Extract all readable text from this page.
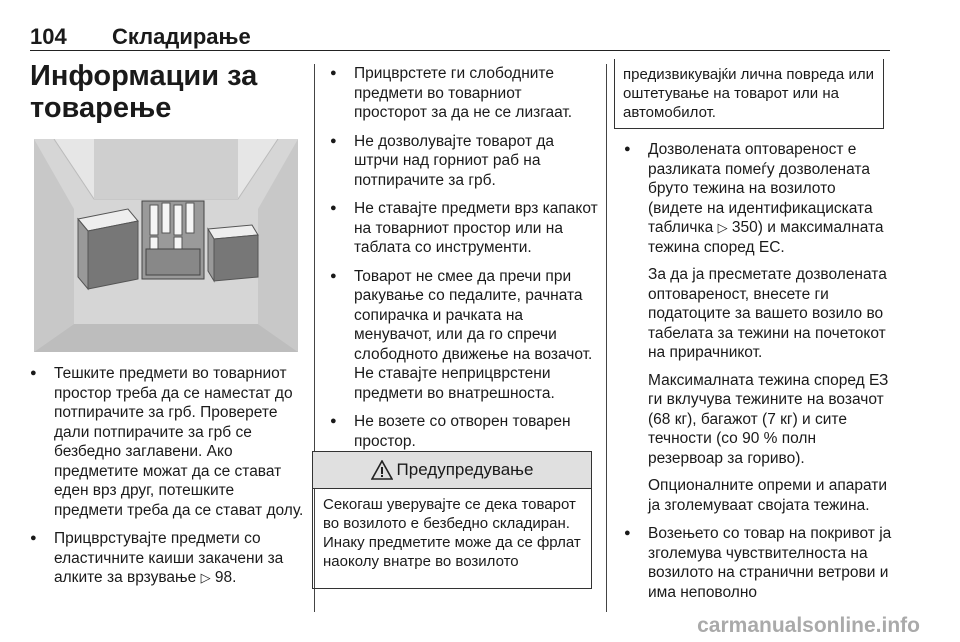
104 Складирање
Информации за товарење
● Тешките предмети во товарниот простор треба да се наместат до потпирачите за грб. Проверете дали потпирачите за грб се безбедно заглавени. Ако предметите можат да се стават еден врз друг, потешките предмети треба да се стават долу.
● Прицврстувајте предмети со еластичните каиши закачени за алките за врзување ▷ 98.
● Прицврстете ги слободните предмети во товарниот просторот за да не се лизгаат.
● Не дозволувајте товарот да штрчи над горниот раб на потпирачите за грб.
● Не ставајте предмети врз капакот на товарниот простор или на таблата со инструменти.
● Товарот не смее да пречи при ракување со педалите, рачната сопирачка и рачката на менувачот, или да го спречи слободното движење на возачот. Не ставајте неприцврстени предмети во внатрешноста.
● Не возете со отворен товарен простор.
Предупредување
Секогаш уверувајте се дека товарот во возилото е безбедно складиран. Инаку предметите може да се фрлат наоколу внатре во возилото
предизвикувајќи лична повреда или оштетување на товарот или на автомобилот.
● Дозволената оптовареност е разликата помеѓу дозволената бруто тежина на возилото (видете на идентификациската табличка ▷ 350) и максималната тежина според ЕС.

За да ја пресметате дозволената оптовареност, внесете ги податоците за вашето возило во табелата за тежини на почетокот на прирачникот.

Максималната тежина според ЕЗ ги вклучува тежините на возачот (68 кг), багажот (7 кг) и сите течности (со 90 % полн резервоар за гориво).

Опционалните опреми и апарати ја зголемуваат својата тежина.

● Возењето со товар на покривот ја зголемува чувствителноста на возилото на странични ветрови и има неповолно
carmanualsonline.info
